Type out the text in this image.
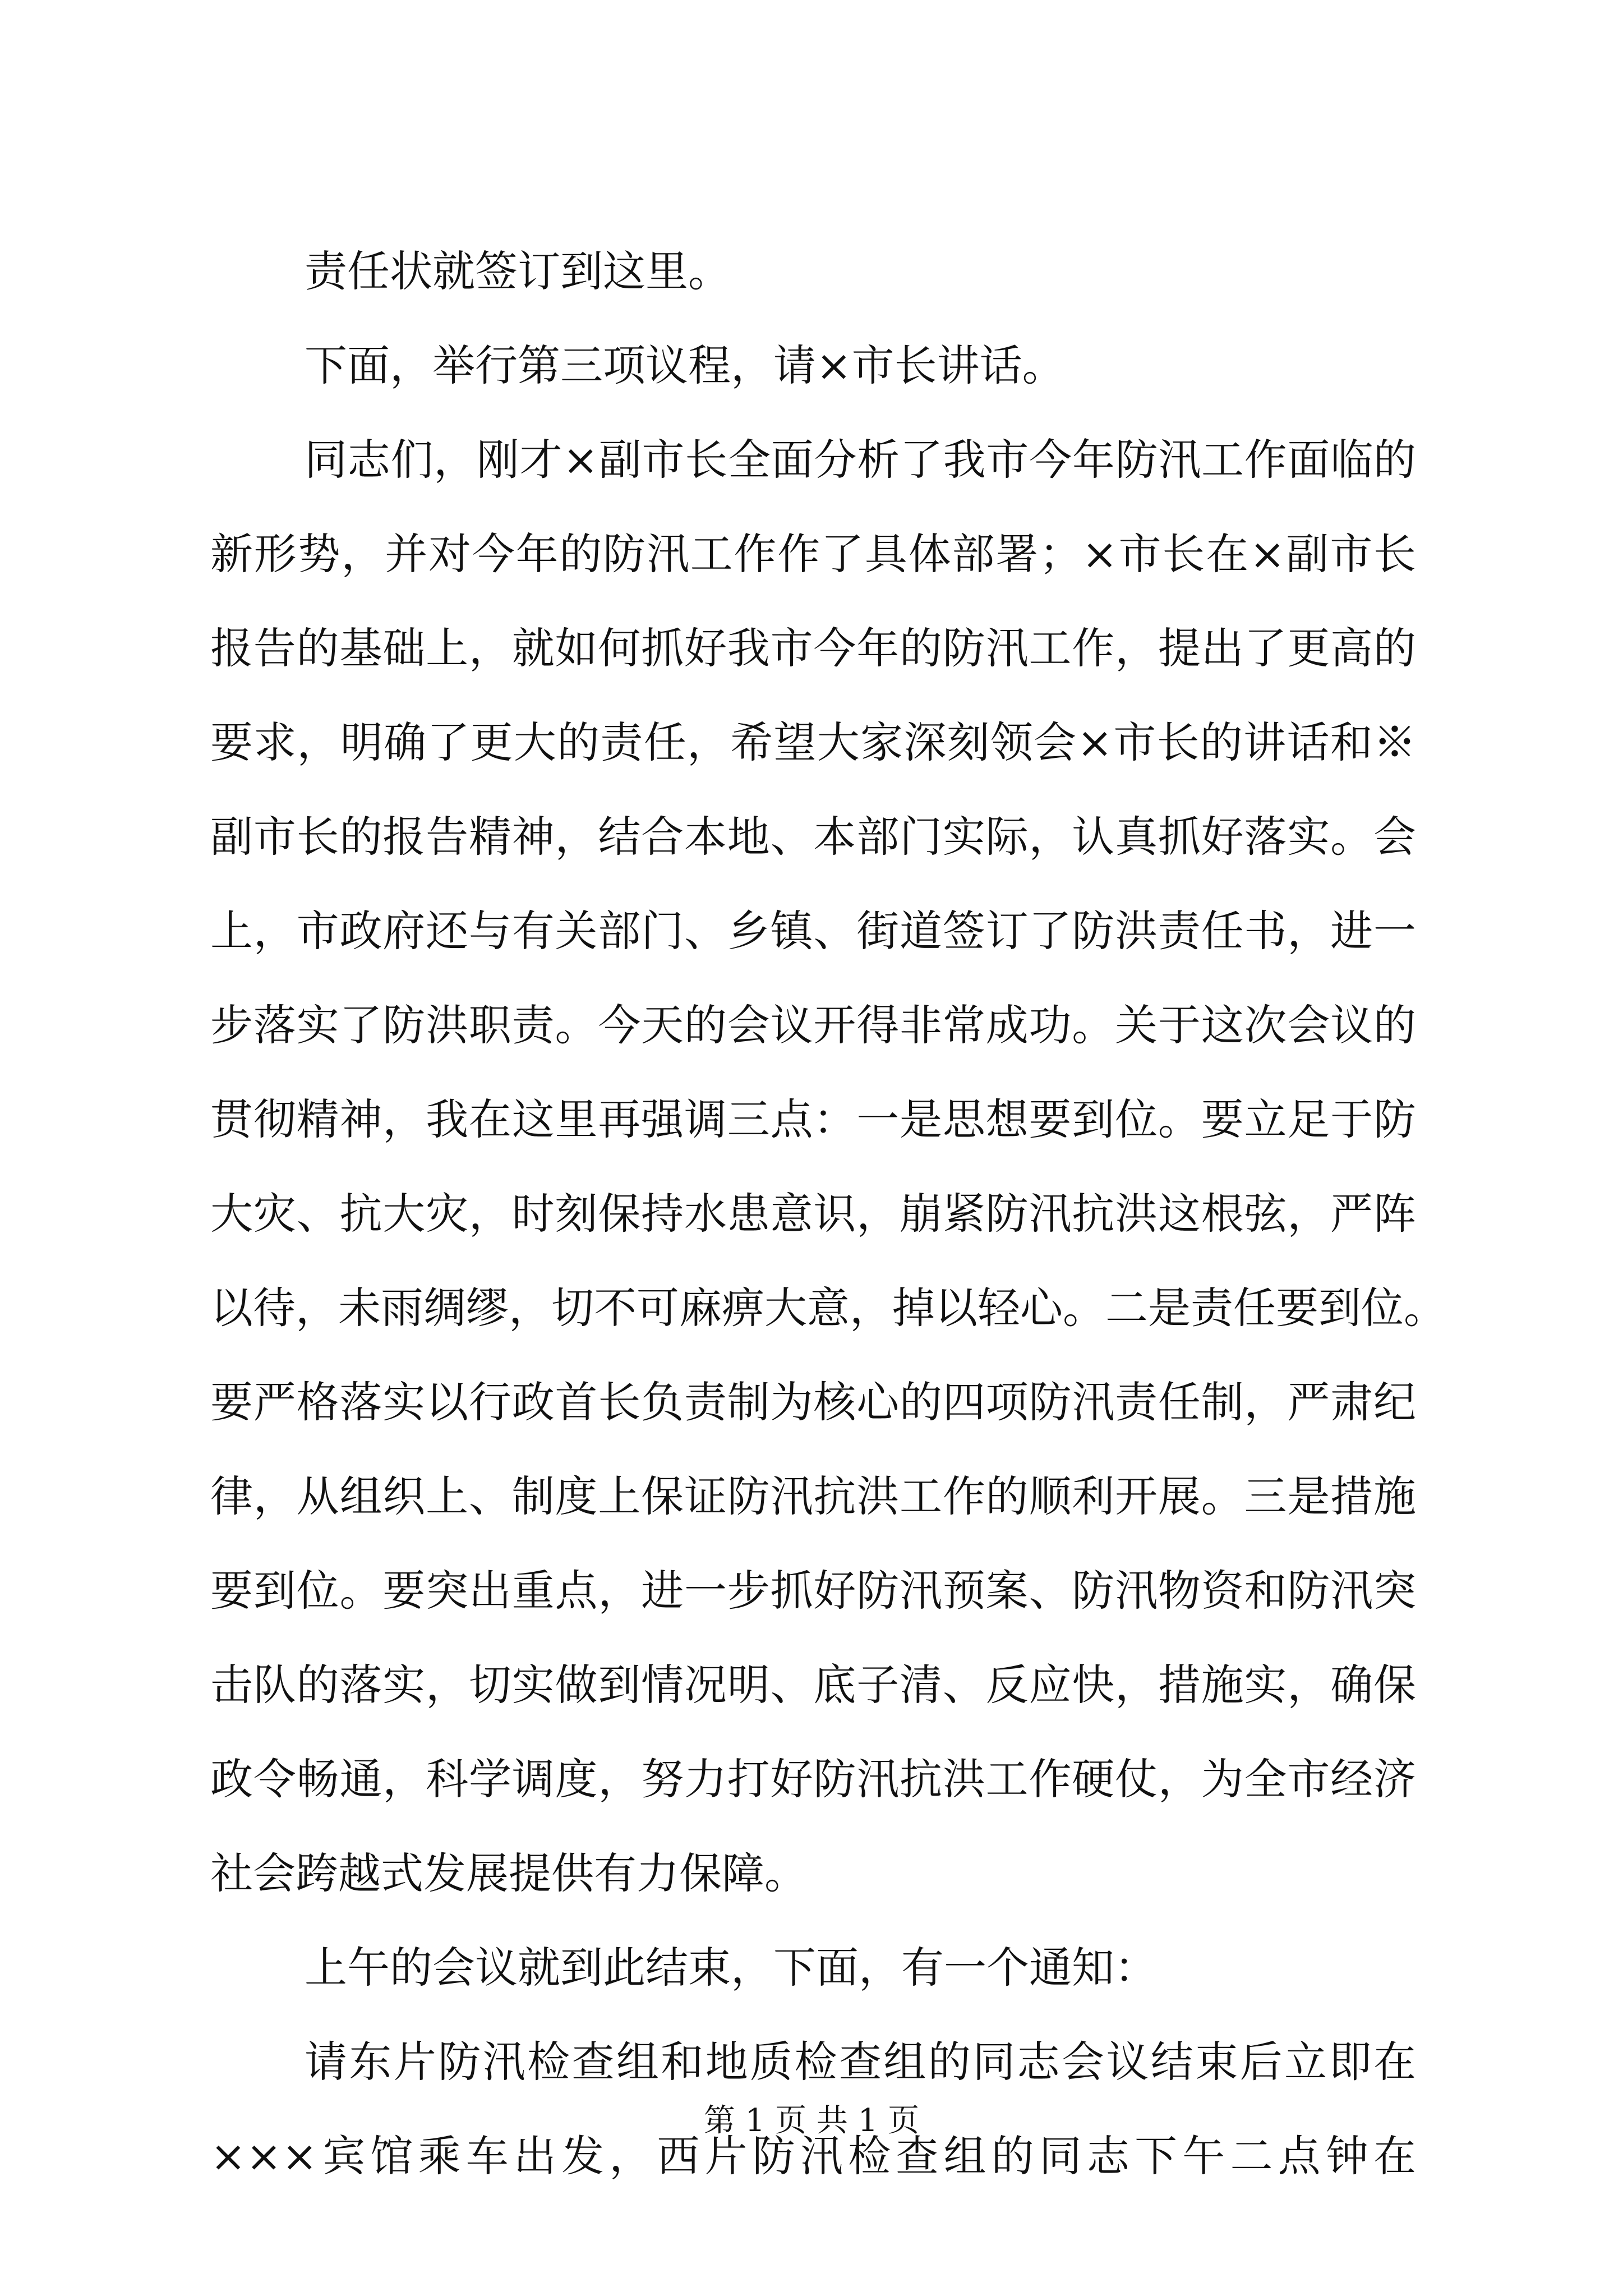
责任状就签订到这里。
下面，举行第三项议程，请×市长讲话。
同志们，刚才×副市长全面分析了我市今年防汛工作面临的
新形势，并对今年的防汛工作作了具体部署；×市长在×副市长
报告的基础上，就如何抓好我市今年的防汛工作，提出了更高的
要求，明确了更大的责任，希望大家深刻领会×市长的讲话和※
副市长的报告精神，结合本地、本部门实际，认真抓好落实。会
上，市政府还与有关部门、乡镇、街道签订了防洪责任书，进一
步落实了防洪职责。今天的会议开得非常成功。关于这次会议的
贯彻精神，我在这里再强调三点：一是思想要到位。要立足于防
大灾、抗大灾，时刻保持水患意识，崩紧防汛抗洪这根弦，严阵
以待，未雨绸缪，切不可麻痹大意，掉以轻心。二是责任要到位。
要严格落实以行政首长负责制为核心的四项防汛责任制，严肃纪
律，从组织上、制度上保证防汛抗洪工作的顺利开展。三是措施
要到位。要突出重点，进一步抓好防汛预案、防汛物资和防汛突
击队的落实，切实做到情况明、底子清、反应快，措施实，确保
政令畅通，科学调度，努力打好防汛抗洪工作硬仗，为全市经济
社会跨越式发展提供有力保障。
上午的会议就到此结束，下面，有一个通知：
请东片防汛检查组和地质检查组的同志会议结束后立即在
×××宾馆乘车出发，西片防汛检查组的同志下午二点钟在
第 1 页 共 1 页
